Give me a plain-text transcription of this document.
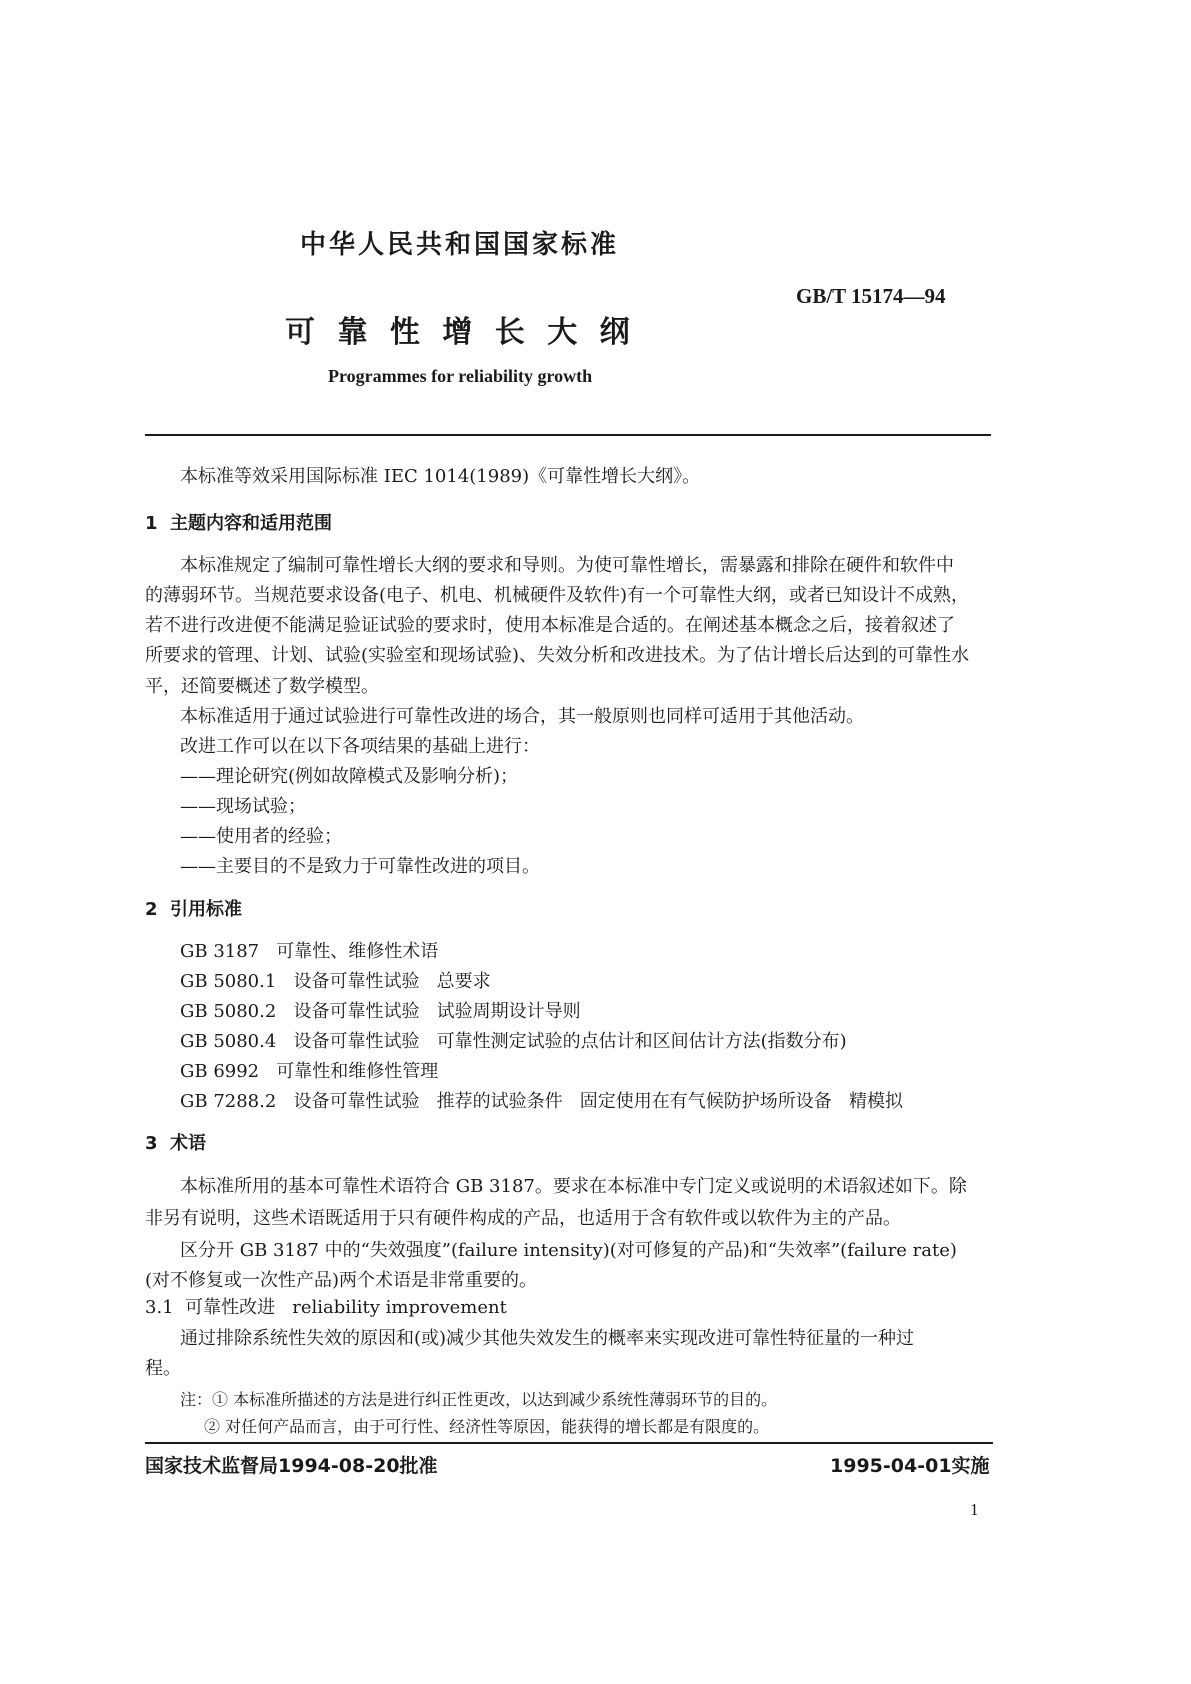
中华人民共和国国家标准
GB/T 15174—94
可 靠 性 增 长 大 纲
Programmes for reliability growth
本标准等效采用国际标准 IEC 1014(1989)《可靠性增长大纲》。
1  主题内容和适用范围
本标准规定了编制可靠性增长大纲的要求和导则。为使可靠性增长，需暴露和排除在硬件和软件中
的薄弱环节。当规范要求设备(电子、机电、机械硬件及软件)有一个可靠性大纲，或者已知设计不成熟，
若不进行改进便不能满足验证试验的要求时，使用本标准是合适的。在阐述基本概念之后，接着叙述了
所要求的管理、计划、试验(实验室和现场试验)、失效分析和改进技术。为了估计增长后达到的可靠性水
平，还简要概述了数学模型。
本标准适用于通过试验进行可靠性改进的场合，其一般原则也同样可适用于其他活动。
改进工作可以在以下各项结果的基础上进行：
——理论研究(例如故障模式及影响分析)；
——现场试验；
——使用者的经验；
——主要目的不是致力于可靠性改进的项目。
2  引用标准
GB 3187   可靠性、维修性术语
GB 5080.1   设备可靠性试验   总要求
GB 5080.2   设备可靠性试验   试验周期设计导则
GB 5080.4   设备可靠性试验   可靠性测定试验的点估计和区间估计方法(指数分布)
GB 6992   可靠性和维修性管理
GB 7288.2   设备可靠性试验   推荐的试验条件   固定使用在有气候防护场所设备   精模拟
3  术语
本标准所用的基本可靠性术语符合 GB 3187。要求在本标准中专门定义或说明的术语叙述如下。除
非另有说明，这些术语既适用于只有硬件构成的产品，也适用于含有软件或以软件为主的产品。
区分开 GB 3187 中的“失效强度”(failure intensity)(对可修复的产品)和“失效率”(failure rate)
(对不修复或一次性产品)两个术语是非常重要的。
3.1  可靠性改进   reliability improvement
通过排除系统性失效的原因和(或)减少其他失效发生的概率来实现改进可靠性特征量的一种过
程。
注：① 本标准所描述的方法是进行纠正性更改，以达到减少系统性薄弱环节的目的。
② 对任何产品而言，由于可行性、经济性等原因，能获得的增长都是有限度的。
国家技术监督局1994-08-20批准	1995-04-01实施
1
